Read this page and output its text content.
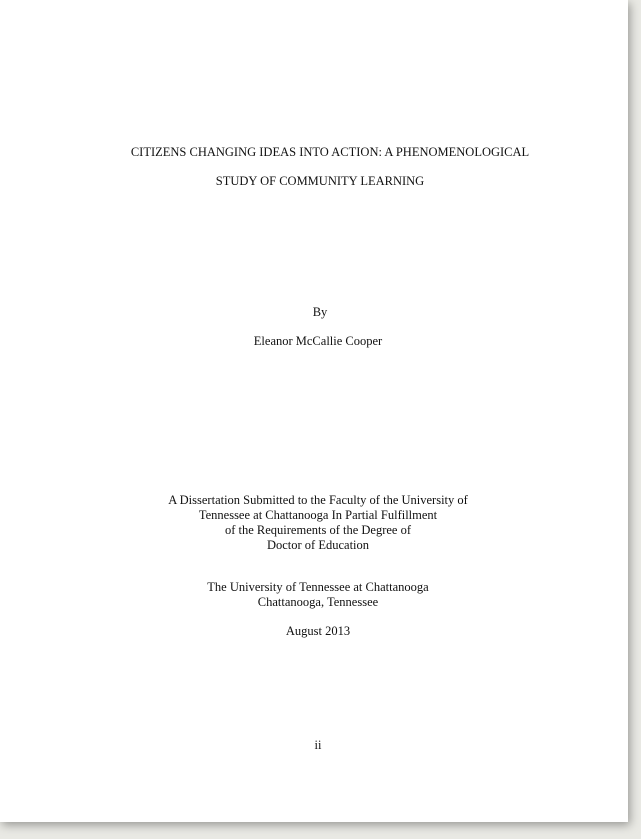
CITIZENS CHANGING IDEAS INTO ACTION: A PHENOMENOLOGICAL
STUDY OF COMMUNITY LEARNING
By
Eleanor McCallie Cooper
A Dissertation Submitted to the Faculty of the University of
Tennessee at Chattanooga In Partial Fulfillment
of the Requirements of the Degree of
Doctor of Education
The University of Tennessee at Chattanooga
Chattanooga, Tennessee
August 2013
ii
